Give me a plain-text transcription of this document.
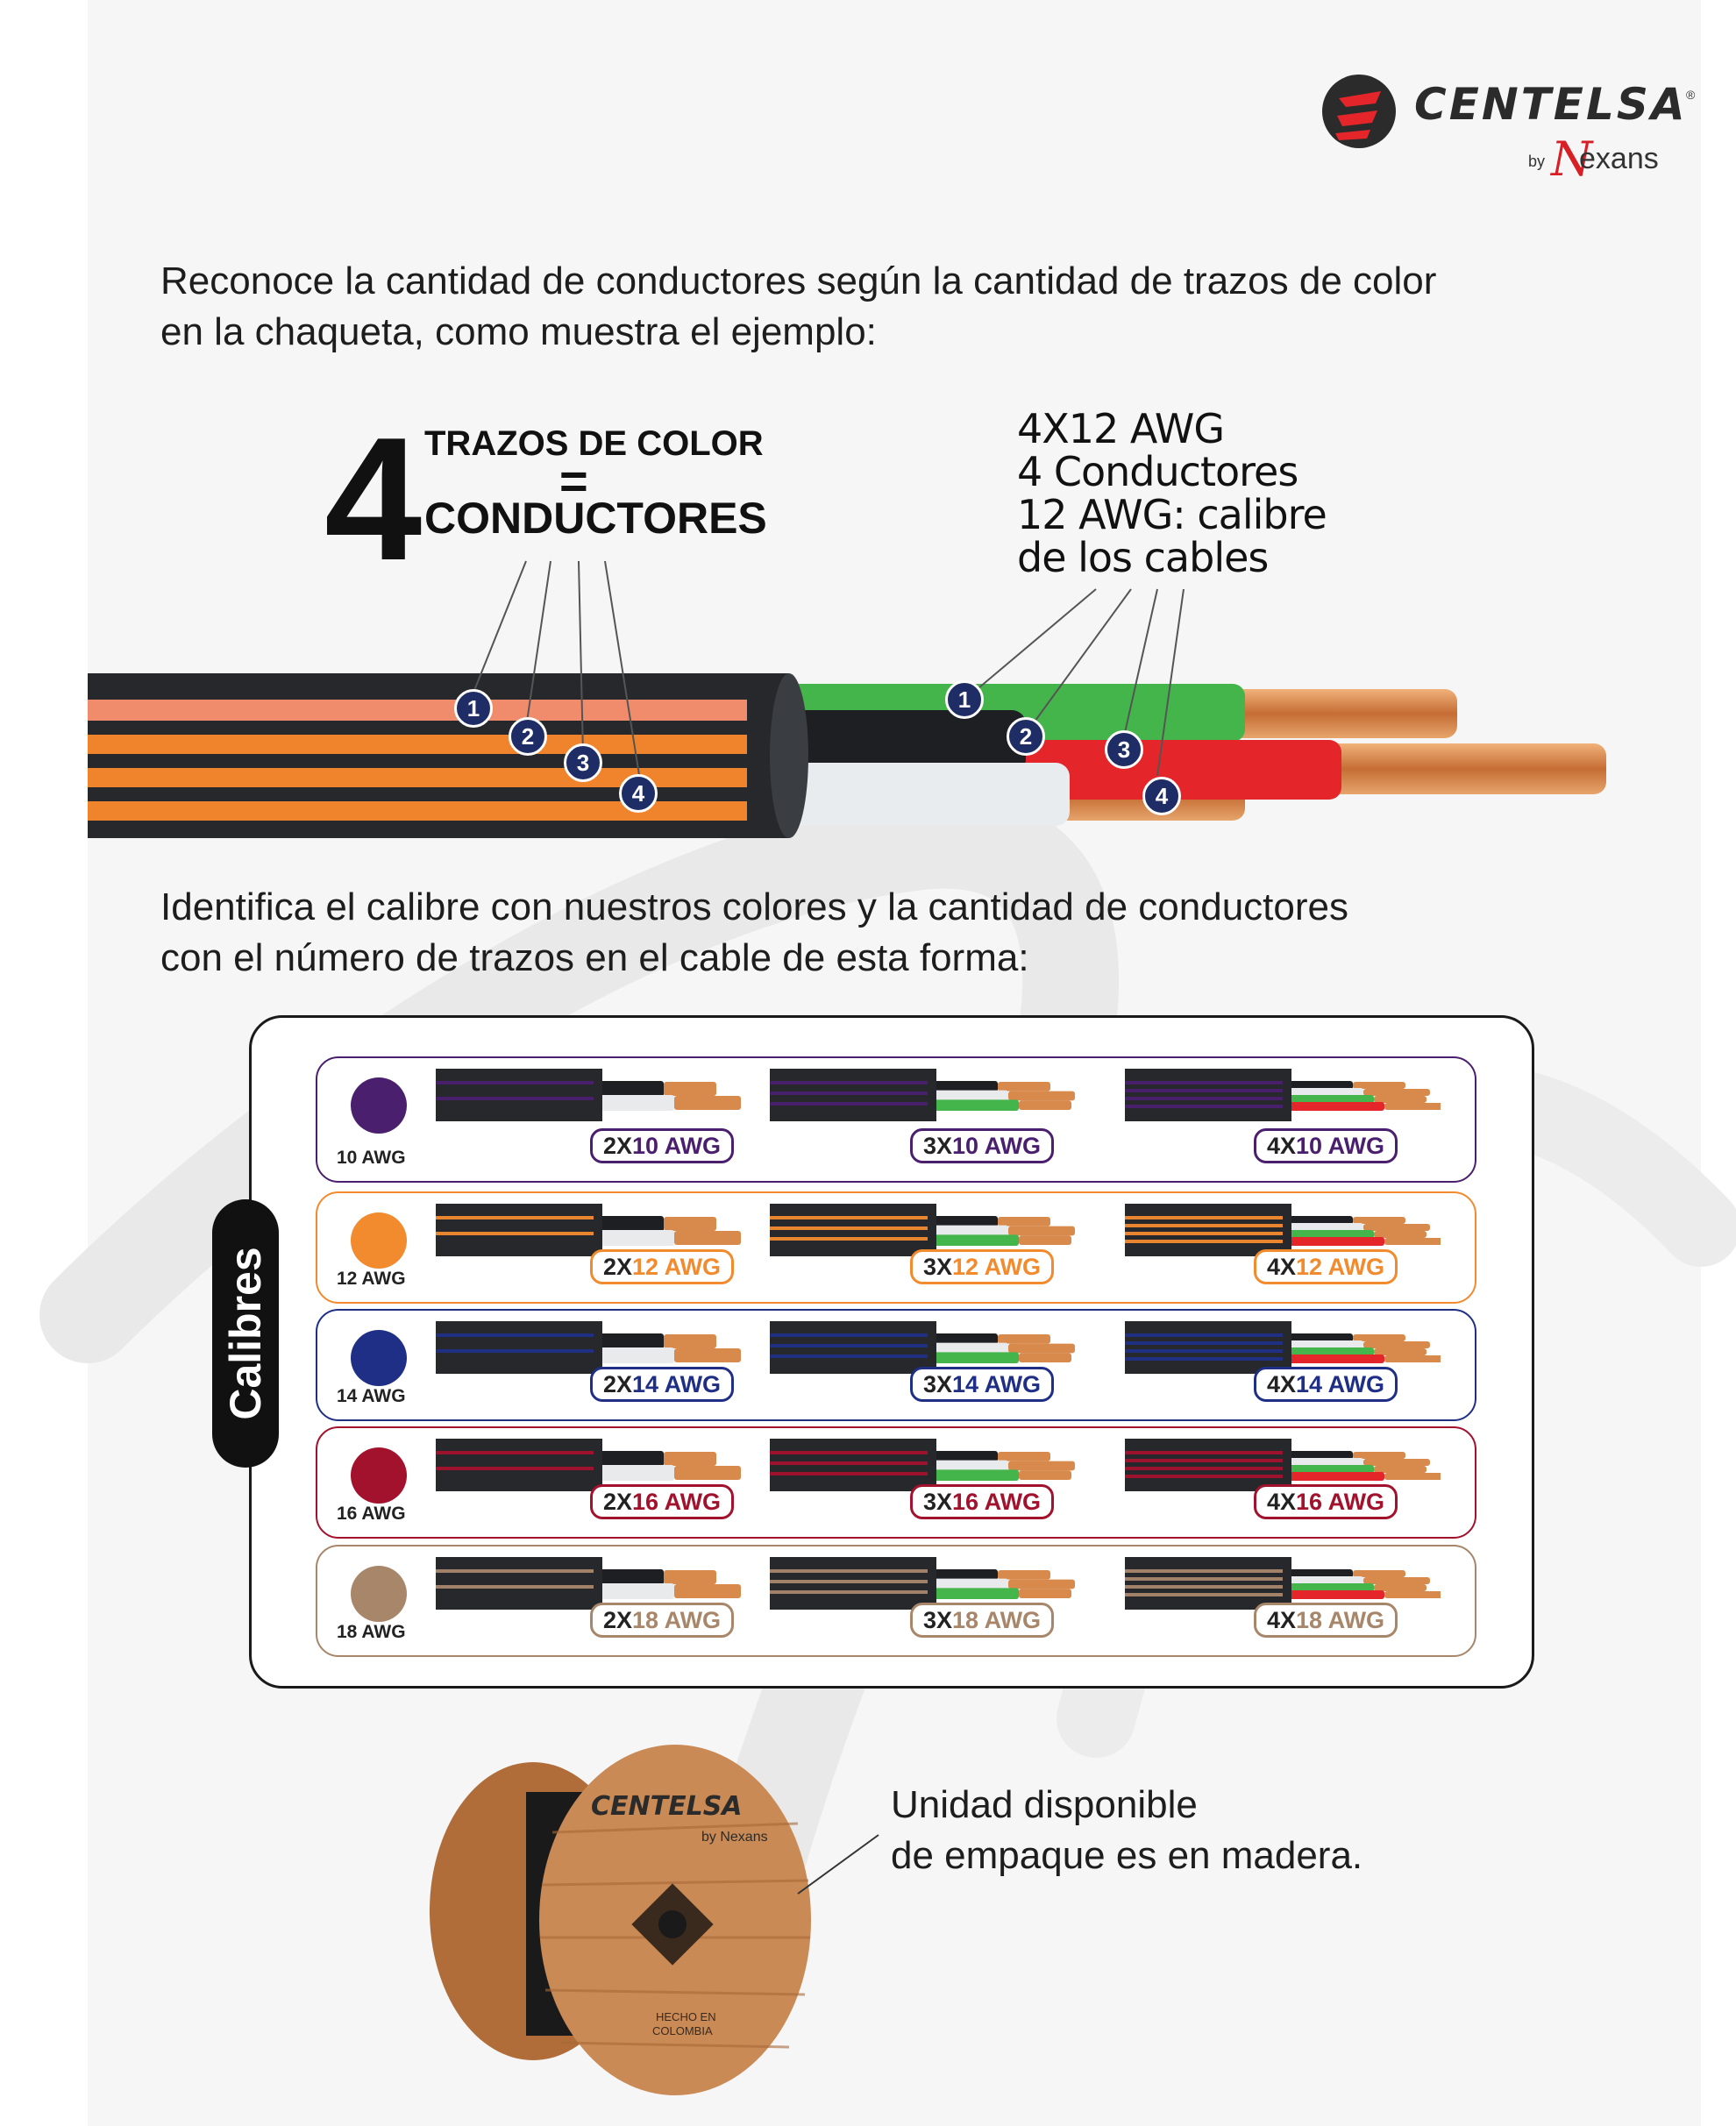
CENTELSA
®
by N
exans

Reconoce la cantidad de conductores según la cantidad de trazos de color
en la chaqueta, como muestra el ejemplo:

4 TRAZOS DE COLOR
=
CONDUCTORES
4X12 AWG
4 Conductores
12 AWG: calibre
de los cables
1
2
3
4
1
2	3
4

Identifica el calibre con nuestros colores y la cantidad de conductores
con el número de trazos en el cable de esta forma:

Calibres
10 AWG	2X10 AWG	3X10 AWG	4X10 AWG
12 AWG	2X12 AWG	3X12 AWG	4X12 AWG
14 AWG	2X14 AWG	3X14 AWG	4X14 AWG
16 AWG	2X16 AWG	3X16 AWG	4X16 AWG
18 AWG	2X18 AWG	3X18 AWG	4X18 AWG
CENTELSA
by Nexans
HECHO EN
COLOMBIA
Unidad disponible
de empaque es en madera.
